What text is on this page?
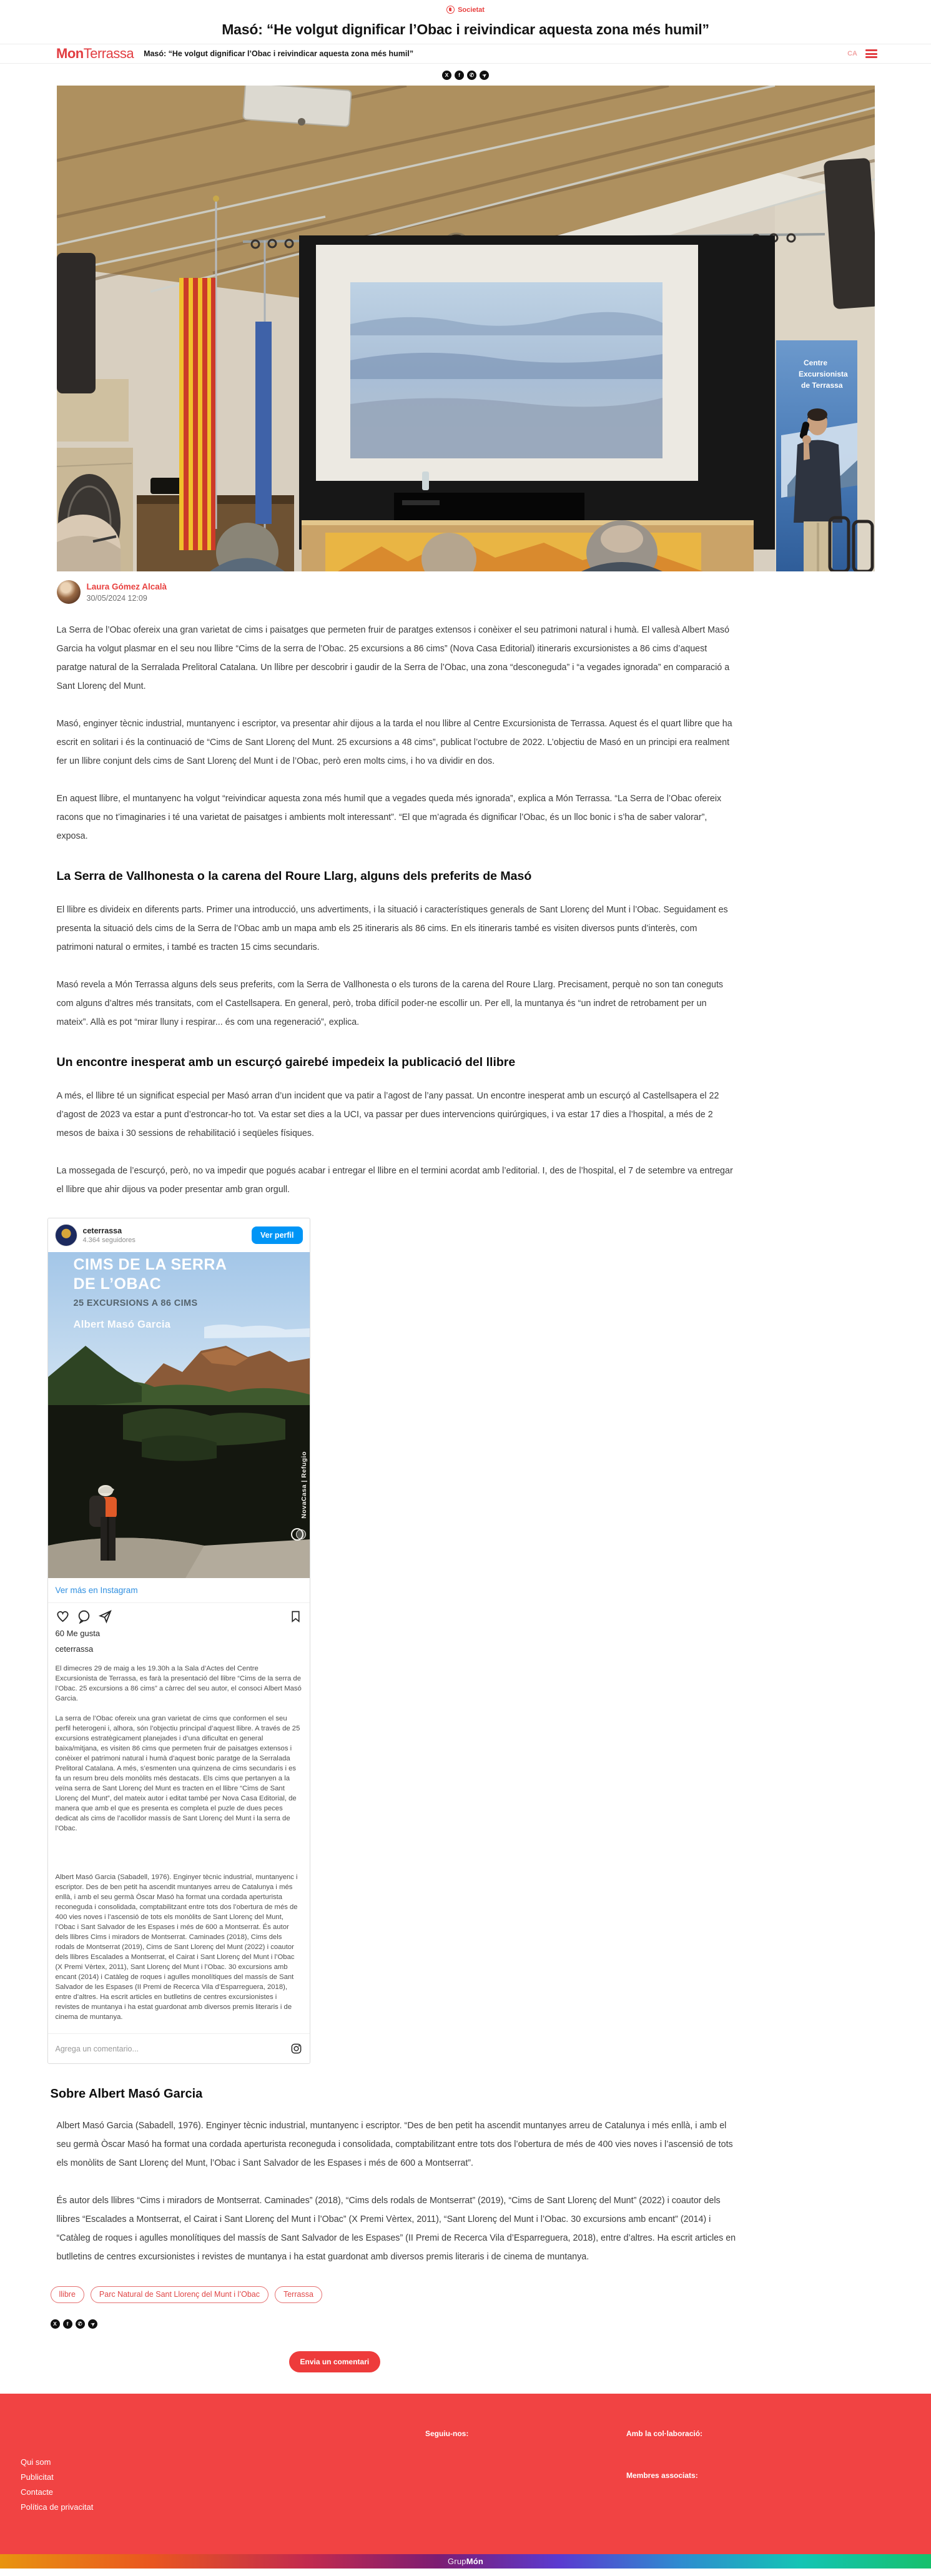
Societat
Masó: “He volgut dignificar l’Obac i reivindicar aquesta zona més humil”
MonTerrassa Masó: “He volgut dignificar l’Obac i reivindicar aquesta zona més humil”	CA
X f ✆ ➤
Centre
Excursionista
de Terrassa
Laura Gómez Alcalà
30/05/2024 12:09

La Serra de l’Obac ofereix una gran varietat de cims i paisatges que permeten fruir de paratges extensos i conèixer el seu patrimoni natural i humà. El vallesà Albert Masó Garcia ha volgut plasmar en el seu nou llibre “Cims de la serra de l’Obac. 25 excursions a 86 cims” (Nova Casa Editorial) itineraris excursionistes a 86 cims d’aquest paratge natural de la Serralada Prelitoral Catalana. Un llibre per descobrir i gaudir de la Serra de l’Obac, una zona “desconeguda” i “a vegades ignorada” en comparació a Sant Llorenç del Munt.

Masó, enginyer tècnic industrial, muntanyenc i escriptor, va presentar ahir dijous a la tarda el nou llibre al Centre Excursionista de Terrassa. Aquest és el quart llibre que ha escrit en solitari i és la continuació de “Cims de Sant Llorenç del Munt. 25 excursions a 48 cims”, publicat l’octubre de 2022. L’objectiu de Masó en un principi era realment fer un llibre conjunt dels cims de Sant Llorenç del Munt i de l’Obac, però eren molts cims, i ho va dividir en dos.

En aquest llibre, el muntanyenc ha volgut “reivindicar aquesta zona més humil que a vegades queda més ignorada”, explica a Món Terrassa. “La Serra de l’Obac ofereix racons que no t’imaginaries i té una varietat de paisatges i ambients molt interessant”. “El que m’agrada és dignificar l’Obac, és un lloc bonic i s’ha de saber valorar”, exposa.

La Serra de Vallhonesta o la carena del Roure Llarg, alguns dels preferits de Masó

El llibre es divideix en diferents parts. Primer una introducció, uns advertiments, i la situació i característiques generals de Sant Llorenç del Munt i l’Obac. Seguidament es presenta la situació dels cims de la Serra de l’Obac amb un mapa amb els 25 itineraris als 86 cims. En els itineraris també es visiten diversos punts d’interès, com patrimoni natural o ermites, i també es tracten 15 cims secundaris.

Masó revela a Món Terrassa alguns dels seus preferits, com la Serra de Vallhonesta o els turons de la carena del Roure Llarg. Precisament, perquè no son tan coneguts com alguns d’altres més transitats, com el Castellsapera. En general, però, troba difícil poder-ne escollir un. Per ell, la muntanya és “un indret de retrobament per un mateix”. Allà es pot “mirar lluny i respirar... és com una regeneració”, explica.

Un encontre inesperat amb un escurçó gairebé impedeix la publicació del llibre

A més, el llibre té un significat especial per Masó arran d’un incident que va patir a l’agost de l’any passat. Un encontre inesperat amb un escurçó al Castellsapera el 22 d’agost de 2023 va estar a punt d’estroncar-ho tot. Va estar set dies a la UCI, va passar per dues intervencions quirúrgiques, i va estar 17 dies a l’hospital, a més de 2 mesos de baixa i 30 sessions de rehabilitació i seqüeles físiques.

La mossegada de l’escurçó, però, no va impedir que pogués acabar i entregar el llibre en el termini acordat amb l’editorial. I, des de l’hospital, el 7 de setembre va entregar el llibre que ahir dijous va poder presentar amb gran orgull.

ceterrassa
4.364 seguidores
Ver perfil
CIMS DE LA SERRA
DE L’OBAC
25 EXCURSIONS A 86 CIMS
Albert Masó Garcia
NovaCasa | Refugio
Ver más en Instagram
60 Me gusta
ceterrassa
El dimecres 29 de maig a les 19.30h a la Sala d’Actes del Centre Excursionista de Terrassa, es farà la presentació del llibre “Cims de la serra de l’Obac. 25 excursions a 86 cims” a càrrec del seu autor, el consoci Albert Masó Garcia.
La serra de l’Obac ofereix una gran varietat de cims que conformen el seu perfil heterogeni i, alhora, són l’objectiu principal d’aquest llibre. A través de 25 excursions estratègicament planejades i d’una dificultat en general baixa/mitjana, es visiten 86 cims que permeten fruir de paisatges extensos i conèixer el patrimoni natural i humà d’aquest bonic paratge de la Serralada Prelitoral Catalana. A més, s’esmenten una quinzena de cims secundaris i es fa un resum breu dels monòlits més destacats. Els cims que pertanyen a la veïna serra de Sant Llorenç del Munt es tracten en el llibre “Cims de Sant Llorenç del Munt”, del mateix autor i editat també per Nova Casa Editorial, de manera que amb el que es presenta es completa el puzle de dues peces dedicat als cims de l’acollidor massís de Sant Llorenç del Munt i la serra de l’Obac.
Albert Masó Garcia (Sabadell, 1976). Enginyer tècnic industrial, muntanyenc i escriptor. Des de ben petit ha ascendit muntanyes arreu de Catalunya i més enllà, i amb el seu germà Òscar Masó ha format una cordada aperturista reconeguda i consolidada, comptabilitzant entre tots dos l’obertura de més de 400 vies noves i l’ascensió de tots els monòlits de Sant Llorenç del Munt, l’Obac i Sant Salvador de les Espases i més de 600 a Montserrat. És autor dels llibres Cims i miradors de Montserrat. Caminades (2018), Cims dels rodals de Montserrat (2019), Cims de Sant Llorenç del Munt (2022) i coautor dels llibres Escalades a Montserrat, el Cairat i Sant Llorenç del Munt i l’Obac (X Premi Vèrtex, 2011), Sant Llorenç del Munt i l’Obac. 30 excursions amb encant (2014) i Catàleg de roques i agulles monolítiques del massís de Sant Salvador de les Espases (II Premi de Recerca Vila d’Esparreguera, 2018), entre d’altres. Ha escrit articles en butlletins de centres excursionistes i revistes de muntanya i ha estat guardonat amb diversos premis literaris i de cinema de muntanya.
Agrega un comentario...
Sobre Albert Masó Garcia

Albert Masó Garcia (Sabadell, 1976). Enginyer tècnic industrial, muntanyenc i escriptor. “Des de ben petit ha ascendit muntanyes arreu de Catalunya i més enllà, i amb el seu germà Òscar Masó ha format una cordada aperturista reconeguda i consolidada, comptabilitzant entre tots dos l’obertura de més de 400 vies noves i l’ascensió de tots els monòlits de Sant Llorenç del Munt, l’Obac i Sant Salvador de les Espases i més de 600 a Montserrat”.

És autor dels llibres “Cims i miradors de Montserrat. Caminades” (2018), “Cims dels rodals de Montserrat” (2019), “Cims de Sant Llorenç del Munt” (2022) i coautor dels llibres “Escalades a Montserrat, el Cairat i Sant Llorenç del Munt i l’Obac” (X Premi Vèrtex, 2011), “Sant Llorenç del Munt i l’Obac. 30 excursions amb encant” (2014) i “Catàleg de roques i agulles monolítiques del massís de Sant Salvador de les Espases” (II Premi de Recerca Vila d’Esparreguera, 2018), entre d’altres. Ha escrit articles en butlletins de centres excursionistes i revistes de muntanya i ha estat guardonat amb diversos premis literaris i de cinema de muntanya.

llibre	Parc Natural de Sant Llorenç del Munt i l’Obac	Terrassa
X f ✆ ➤
Envia un comentari
Qui som
Publicitat
Contacte
Política de privacitat
Seguiu-nos:	Amb la col·laboració:
Membres associats:
GrupMón
